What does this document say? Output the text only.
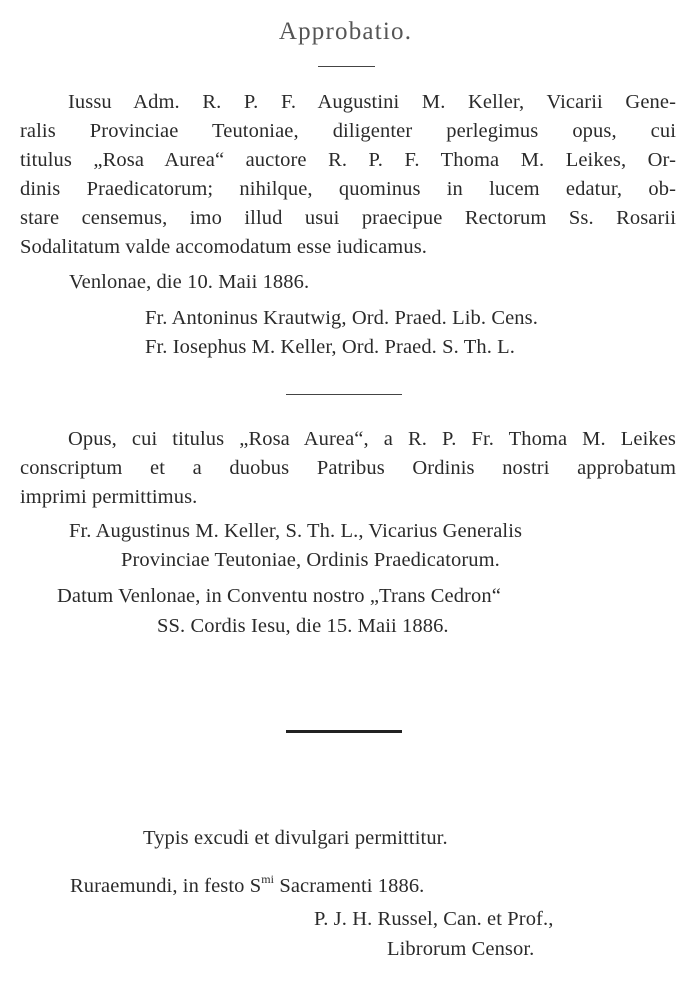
Approbatio.
Iussu Adm. R. P. F. Augustini M. Keller, Vicarii Gene-
ralis Provinciae Teutoniae, diligenter perlegimus opus, cui
titulus „Rosa Aurea“ auctore R. P. F. Thoma M. Leikes, Or-
dinis Praedicatorum; nihilque, quominus in lucem edatur, ob-
stare censemus, imo illud usui praecipue Rectorum Ss. Rosarii
Sodalitatum valde accomodatum esse iudicamus.
Venlonae, die 10. Maii 1886.
Fr. Antoninus Krautwig, Ord. Praed. Lib. Cens.
Fr. Iosephus M. Keller, Ord. Praed. S. Th. L.
Opus, cui titulus „Rosa Aurea“, a R. P. Fr. Thoma M. Leikes
conscriptum et a duobus Patribus Ordinis nostri approbatum
imprimi permittimus.
Fr. Augustinus M. Keller, S. Th. L., Vicarius Generalis
Provinciae Teutoniae, Ordinis Praedicatorum.
Datum Venlonae, in Conventu nostro „Trans Cedron“
SS. Cordis Iesu, die 15. Maii 1886.
Typis excudi et divulgari permittitur.
Ruraemundi, in festo $S^{mi}$ Sacramenti 1886.
P. J. H. Russel, Can. et Prof.,
Librorum Censor.
